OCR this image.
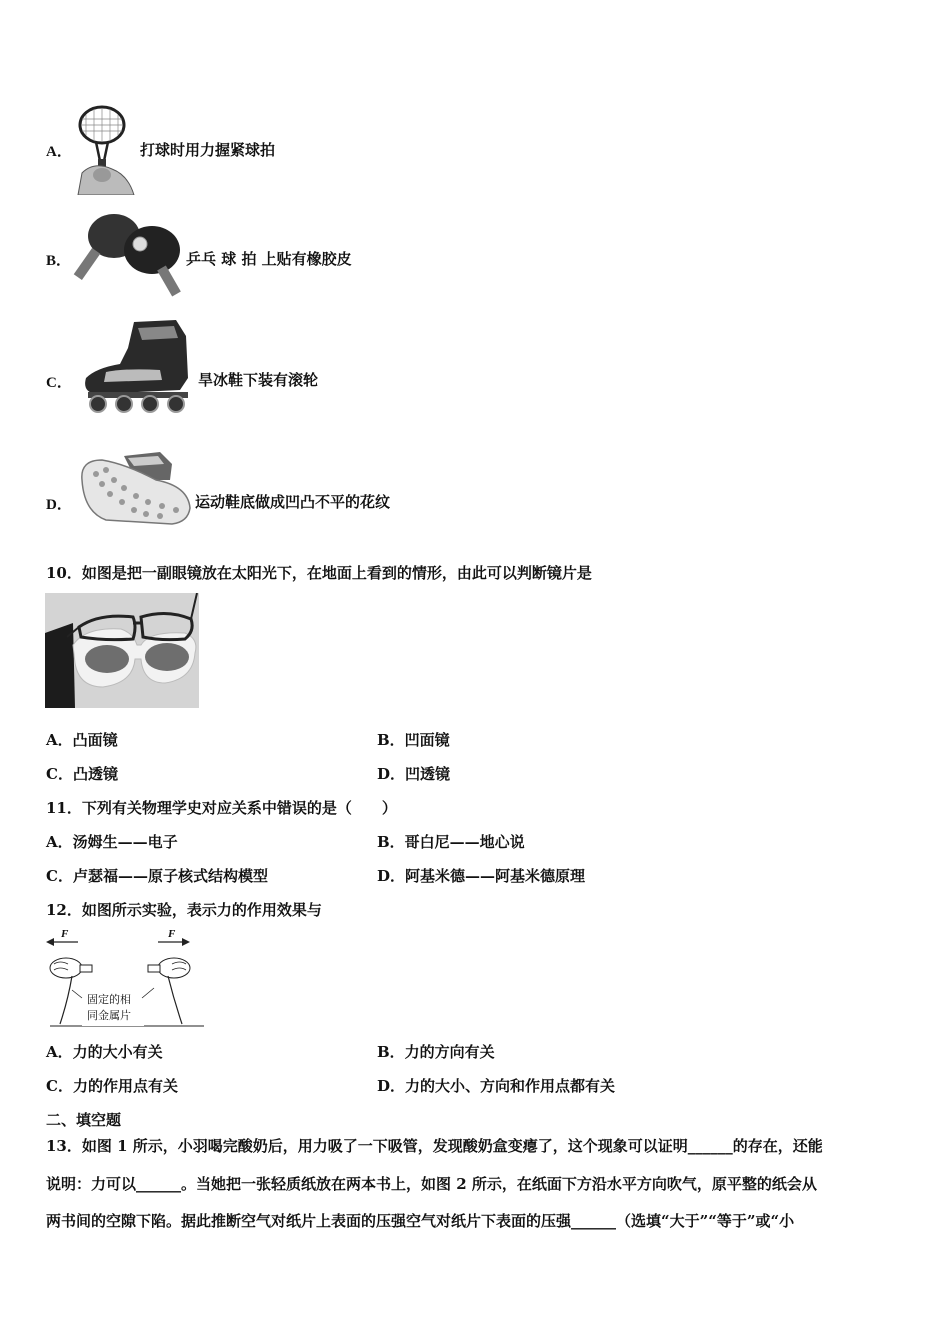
A．	打球时用力握紧球拍
B．	乒乓 球 拍 上贴有橡胶皮
C．	旱冰鞋下装有滚轮
D．	运动鞋底做成凹凸不平的花纹
10．如图是把一副眼镜放在太阳光下，在地面上看到的情形，由此可以判断镜片是
A．凸面镜	B．凹面镜
C．凸透镜	D．凹透镜
11．下列有关物理学史对应关系中错误的是（　　）
A．汤姆生——电子	B．哥白尼——地心说
C．卢瑟福——原子核式结构模型	D．阿基米德——阿基米德原理
12．如图所示实验，表示力的作用效果与
F	F
固定的相
同金属片
A．力的大小有关	B．力的方向有关
C．力的作用点有关	D．力的大小、方向和作用点都有关
二、填空题
13．如图 1 所示，小羽喝完酸奶后，用力吸了一下吸管，发现酸奶盒变瘪了，这个现象可以证明______的存在，还能
说明：力可以______。当她把一张轻质纸放在两本书上，如图 2 所示，在纸面下方沿水平方向吹气，原平整的纸会从
两书间的空隙下陷。据此推断空气对纸片上表面的压强空气对纸片下表面的压强______（选填“大于”“等于”或“小
